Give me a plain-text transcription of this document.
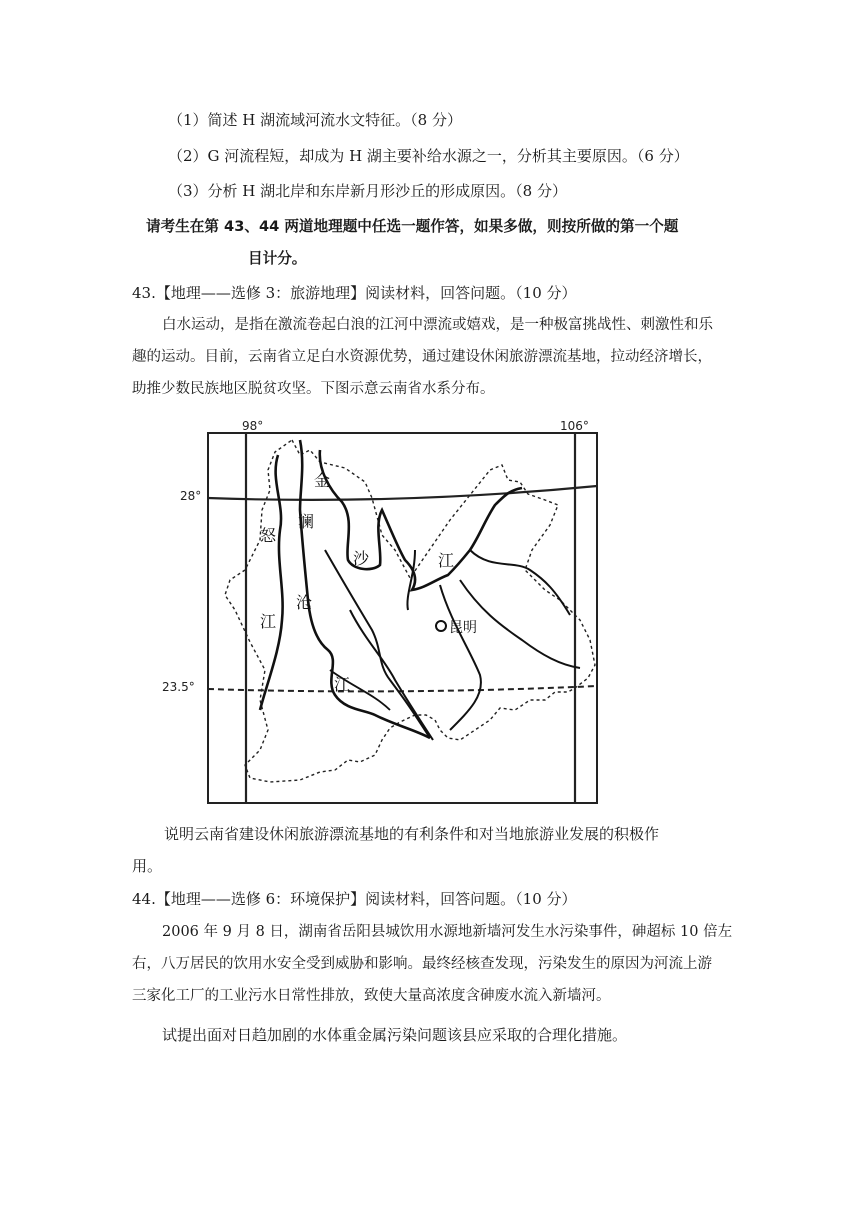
（1）简述 H 湖流域河流水文特征。（8 分）
（2）G 河流程短，却成为 H 湖主要补给水源之一，分析其主要原因。（6 分）
（3）分析 H 湖北岸和东岸新月形沙丘的形成原因。（8 分）
请考生在第 43、44 两道地理题中任选一题作答，如果多做，则按所做的第一个题
目计分。
43.【地理——选修 3：旅游地理】阅读材料，回答问题。（10 分）
白水运动，是指在激流卷起白浪的江河中漂流或嬉戏，是一种极富挑战性、刺激性和乐
趣的运动。目前，云南省立足白水资源优势，通过建设休闲旅游漂流基地，拉动经济增长，
助推少数民族地区脱贫攻坚。下图示意云南省水系分布。
98°	106°
28°
23.5°
金
沙	江
澜
沧
江
怒
江	昆明
说明云南省建设休闲旅游漂流基地的有利条件和对当地旅游业发展的积极作
用。
44.【地理——选修 6：环境保护】阅读材料，回答问题。（10 分）
2006 年 9 月 8 日，湖南省岳阳县城饮用水源地新墙河发生水污染事件，砷超标 10 倍左
右，八万居民的饮用水安全受到威胁和影响。最终经核查发现，污染发生的原因为河流上游
三家化工厂的工业污水日常性排放，致使大量高浓度含砷废水流入新墙河。
试提出面对日趋加剧的水体重金属污染问题该县应采取的合理化措施。
